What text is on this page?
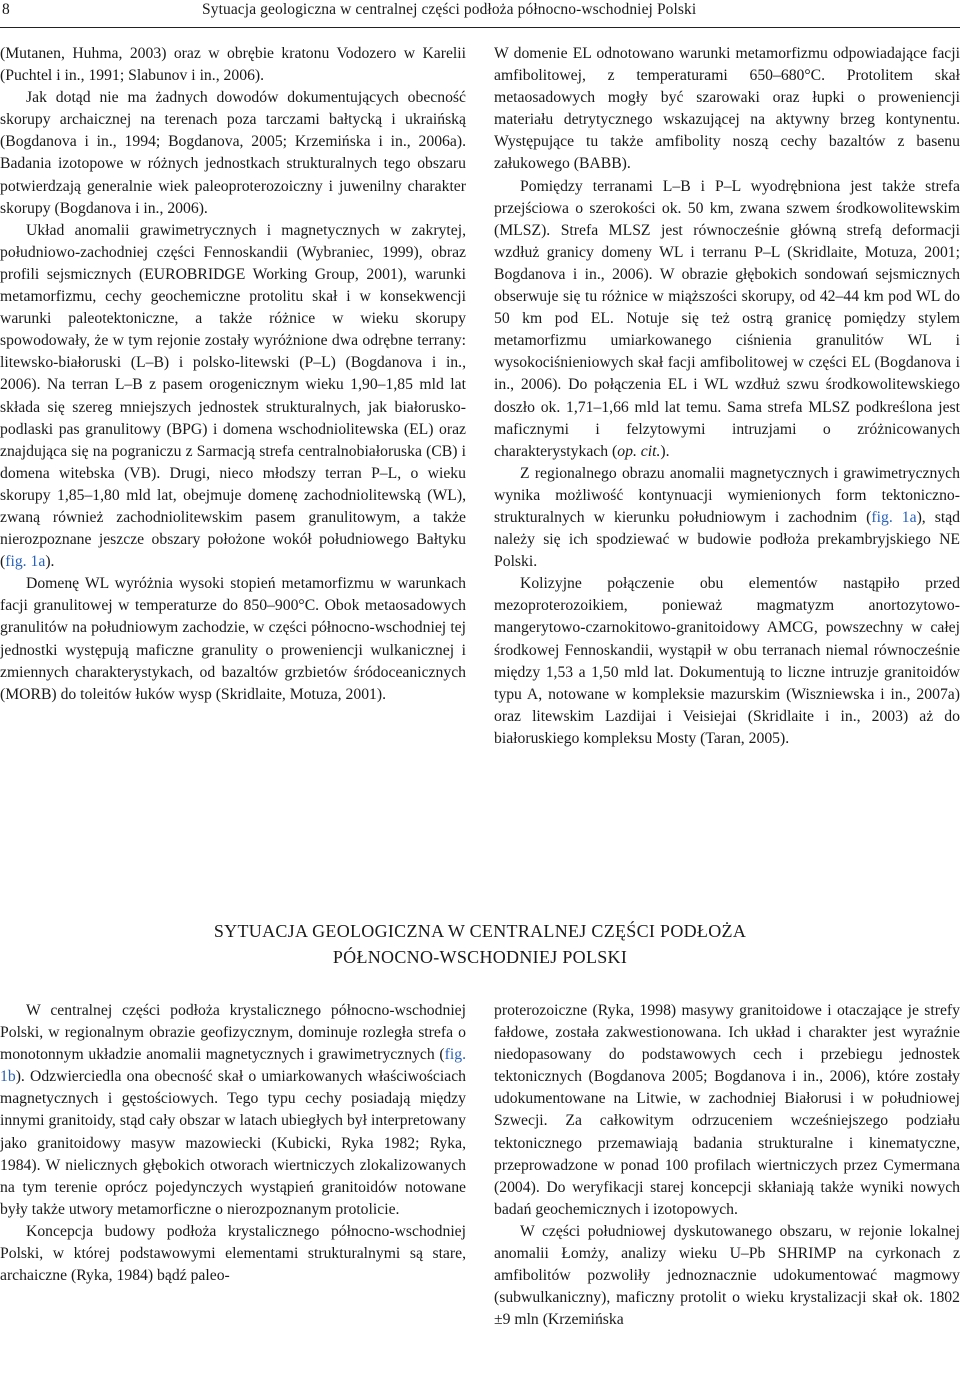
8	Sytuacja geologiczna w centralnej części podłoża północno-wschodniej Polski

(Mutanen, Huhma, 2003) oraz w obrębie kratonu Vodozero w Karelii (Puchtel i in., 1991; Slabunov i in., 2006).

Jak dotąd nie ma żadnych dowodów dokumentujących obecność skorupy archaicznej na terenach poza tarczami bałtycką i ukraińską (Bogdanova i in., 1994; Bogdanova, 2005; Krzemińska i in., 2006a). Badania izotopowe w różnych jednostkach strukturalnych tego obszaru potwierdzają generalnie wiek paleoproterozoiczny i juwenilny charakter skorupy (Bogdanova i in., 2006).

Układ anomalii grawimetrycznych i magnetycznych w zakrytej, południowo-zachodniej części Fennoskandii (Wybraniec, 1999), obraz profili sejsmicznych (EUROBRIDGE Working Group, 2001), warunki metamorfizmu, cechy geochemiczne protolitu skał i w konsekwencji warunki paleotektoniczne, a także różnice w wieku skorupy spowodowały, że w tym rejonie zostały wyróżnione dwa odrębne terrany: litewsko-białoruski (L–B) i polsko-litewski (P–L) (Bogdanova i in., 2006). Na terran L–B z pasem orogenicznym wieku 1,90–1,85 mld lat składa się szereg mniejszych jednostek strukturalnych, jak białorusko-podlaski pas granulitowy (BPG) i domena wschodniolitewska (EL) oraz znajdująca się na pograniczu z Sarmacją strefa centralnobiałoruska (CB) i domena witebska (VB). Drugi, nieco młodszy terran P–L, o wieku skorupy 1,85–1,80 mld lat, obejmuje domenę zachodniolitewską (WL), zwaną również zachodniolitewskim pasem granulitowym, a także nierozpoznane jeszcze obszary położone wokół południowego Bałtyku (fig. 1a).

Domenę WL wyróżnia wysoki stopień metamorfizmu w warunkach facji granulitowej w temperaturze do 850–900°C. Obok metaosadowych granulitów na południowym zachodzie, w części północno-wschodniej tej jednostki występują maficzne granulity o proweniencji wulkanicznej i zmiennych charakterystykach, od bazaltów grzbietów śródoceanicznych (MORB) do toleitów łuków wysp (Skridlaite, Motuza, 2001).

W domenie EL odnotowano warunki metamorfizmu odpowiadające facji amfibolitowej, z temperaturami 650–680°C. Protolitem skał metaosadowych mogły być szarowaki oraz łupki o proweniencji materiału detrytycznego wskazującej na aktywny brzeg kontynentu. Występujące tu także amfibolity noszą cechy bazaltów z basenu załukowego (BABB).

Pomiędzy terranami L–B i P–L wyodrębniona jest także strefa przejściowa o szerokości ok. 50 km, zwana szwem środkowolitewskim (MLSZ). Strefa MLSZ jest równocześnie główną strefą deformacji wzdłuż granicy domeny WL i terranu P–L (Skridlaite, Motuza, 2001; Bogdanova i in., 2006). W obrazie głębokich sondowań sejsmicznych obserwuje się tu różnice w miąższości skorupy, od 42–44 km pod WL do 50 km pod EL. Notuje się też ostrą granicę pomiędzy stylem metamorfizmu umiarkowanego ciśnienia granulitów WL i wysokociśnieniowych skał facji amfibolitowej w części EL (Bogdanova i in., 2006). Do połączenia EL i WL wzdłuż szwu środkowolitewskiego doszło ok. 1,71–1,66 mld lat temu. Sama strefa MLSZ podkreślona jest maficznymi i felzytowymi intruzjami o zróżnicowanych charakterystykach (op. cit.).

Z regionalnego obrazu anomalii magnetycznych i grawimetrycznych wynika możliwość kontynuacji wymienionych form tektoniczno-strukturalnych w kierunku południowym i zachodnim (fig. 1a), stąd należy się ich spodziewać w budowie podłoża prekambryjskiego NE Polski.

Kolizyjne połączenie obu elementów nastąpiło przed mezoproterozoikiem, ponieważ magmatyzm anortozytowo-mangerytowo-czarnokitowo-granitoidowy AMCG, powszechny w całej środkowej Fennoskandii, wystąpił w obu terranach niemal równocześnie między 1,53 a 1,50 mld lat. Dokumentują to liczne intruzje granitoidów typu A, notowane w kompleksie mazurskim (Wiszniewska i in., 2007a) oraz litewskim Lazdijai i Veisiejai (Skridlaite i in., 2003) aż do białoruskiego kompleksu Mosty (Taran, 2005).

SYTUACJA GEOLOGICZNA W CENTRALNEJ CZĘŚCI PODŁOŻA
PÓŁNOCNO-WSCHODNIEJ POLSKI

W centralnej części podłoża krystalicznego północno-wschodniej Polski, w regionalnym obrazie geofizycznym, dominuje rozległa strefa o monotonnym układzie anomalii magnetycznych i grawimetrycznych (fig. 1b). Odzwierciedla ona obecność skał o umiarkowanych właściwościach magnetycznych i gęstościowych. Tego typu cechy posiadają między innymi granitoidy, stąd cały obszar w latach ubiegłych był interpretowany jako granitoidowy masyw mazowiecki (Kubicki, Ryka 1982; Ryka, 1984). W nielicznych głębokich otworach wiertniczych zlokalizowanych na tym terenie oprócz pojedynczych wystąpień granitoidów notowane były także utwory metamorficzne o nierozpoznanym protolicie.

Koncepcja budowy podłoża krystalicznego północno-wschodniej Polski, w której podstawowymi elementami strukturalnymi są stare, archaiczne (Ryka, 1984) bądź paleo-

proterozoiczne (Ryka, 1998) masywy granitoidowe i otaczające je strefy fałdowe, została zakwestionowana. Ich układ i charakter jest wyraźnie niedopasowany do podstawowych cech i przebiegu jednostek tektonicznych (Bogdanova 2005; Bogdanova i in., 2006), które zostały udokumentowane na Litwie, w zachodniej Białorusi i w południowej Szwecji. Za całkowitym odrzuceniem wcześniejszego podziału tektonicznego przemawiają badania strukturalne i kinematyczne, przeprowadzone w ponad 100 profilach wiertniczych przez Cymermana (2004). Do weryfikacji starej koncepcji skłaniają także wyniki nowych badań geochemicznych i izotopowych.

W części południowej dyskutowanego obszaru, w rejonie lokalnej anomalii Łomży, analizy wieku U–Pb SHRIMP na cyrkonach z amfibolitów pozwoliły jednoznacznie udokumentować magmowy (subwulkaniczny), maficzny protolit o wieku krystalizacji skał ok. 1802 ±9 mln (Krzemińska
